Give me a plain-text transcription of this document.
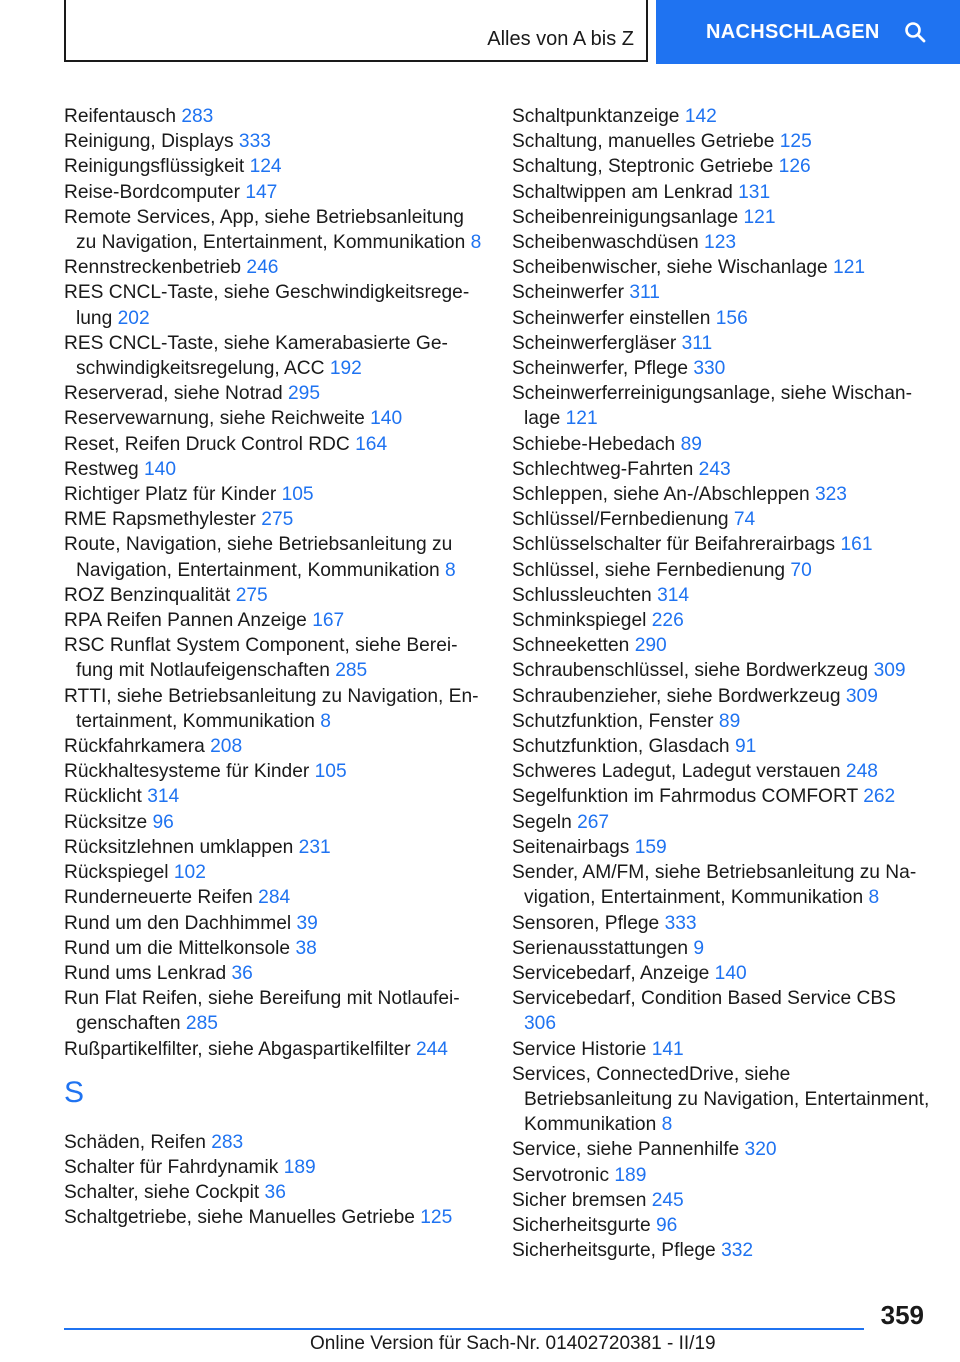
Alles von A bis Z	NACHSCHLAGEN
Reifentausch 283
Reinigung, Displays 333
Reinigungsflüssigkeit 124
Reise-Bordcomputer 147
Remote Services, App, siehe Betriebsanleitung zu Navigation, Entertainment, Kommunikation 8
Rennstreckenbetrieb 246
RES CNCL-Taste, siehe Geschwindigkeitsregelung 202
RES CNCL-Taste, siehe Kamerabasierte Geschwindigkeitsregelung, ACC 192
Reserverad, siehe Notrad 295
Reservewarnung, siehe Reichweite 140
Reset, Reifen Druck Control RDC 164
Restweg 140
Richtiger Platz für Kinder 105
RME Rapsmethylester 275
Route, Navigation, siehe Betriebsanleitung zu Navigation, Entertainment, Kommunikation 8
ROZ Benzinqualität 275
RPA Reifen Pannen Anzeige 167
RSC Runflat System Component, siehe Bereifung mit Notlaufeigenschaften 285
RTTI, siehe Betriebsanleitung zu Navigation, Entertainment, Kommunikation 8
Rückfahrkamera 208
Rückhaltesysteme für Kinder 105
Rücklicht 314
Rücksitze 96
Rücksitzlehnen umklappen 231
Rückspiegel 102
Runderneuerte Reifen 284
Rund um den Dachhimmel 39
Rund um die Mittelkonsole 38
Rund ums Lenkrad 36
Run Flat Reifen, siehe Bereifung mit Notlaufeigenschaften 285
Rußpartikelfilter, siehe Abgaspartikelfilter 244
S
Schäden, Reifen 283
Schalter für Fahrdynamik 189
Schalter, siehe Cockpit 36
Schaltgetriebe, siehe Manuelles Getriebe 125
Schaltpunktanzeige 142
Schaltung, manuelles Getriebe 125
Schaltung, Steptronic Getriebe 126
Schaltwippen am Lenkrad 131
Scheibenreinigungsanlage 121
Scheibenwaschdüsen 123
Scheibenwischer, siehe Wischanlage 121
Scheinwerfer 311
Scheinwerfer einstellen 156
Scheinwerfergläser 311
Scheinwerfer, Pflege 330
Scheinwerferreinigungsanlage, siehe Wischanlage 121
Schiebe-Hebedach 89
Schlechtweg-Fahrten 243
Schleppen, siehe An-/Abschleppen 323
Schlüssel/Fernbedienung 74
Schlüsselschalter für Beifahrerairbags 161
Schlüssel, siehe Fernbedienung 70
Schlussleuchten 314
Schminkspiegel 226
Schneeketten 290
Schraubenschlüssel, siehe Bordwerkzeug 309
Schraubenzieher, siehe Bordwerkzeug 309
Schutzfunktion, Fenster 89
Schutzfunktion, Glasdach 91
Schweres Ladegut, Ladegut verstauen 248
Segelfunktion im Fahrmodus COMFORT 262
Segeln 267
Seitenairbags 159
Sender, AM/FM, siehe Betriebsanleitung zu Navigation, Entertainment, Kommunikation 8
Sensoren, Pflege 333
Serienausstattungen 9
Servicebedarf, Anzeige 140
Servicebedarf, Condition Based Service CBS 306
Service Historie 141
Services, ConnectedDrive, siehe Betriebsanleitung zu Navigation, Entertainment, Kommunikation 8
Service, siehe Pannenhilfe 320
Servotronic 189
Sicher bremsen 245
Sicherheitsgurte 96
Sicherheitsgurte, Pflege 332
359
Online Version für Sach-Nr. 01402720381 - II/19
